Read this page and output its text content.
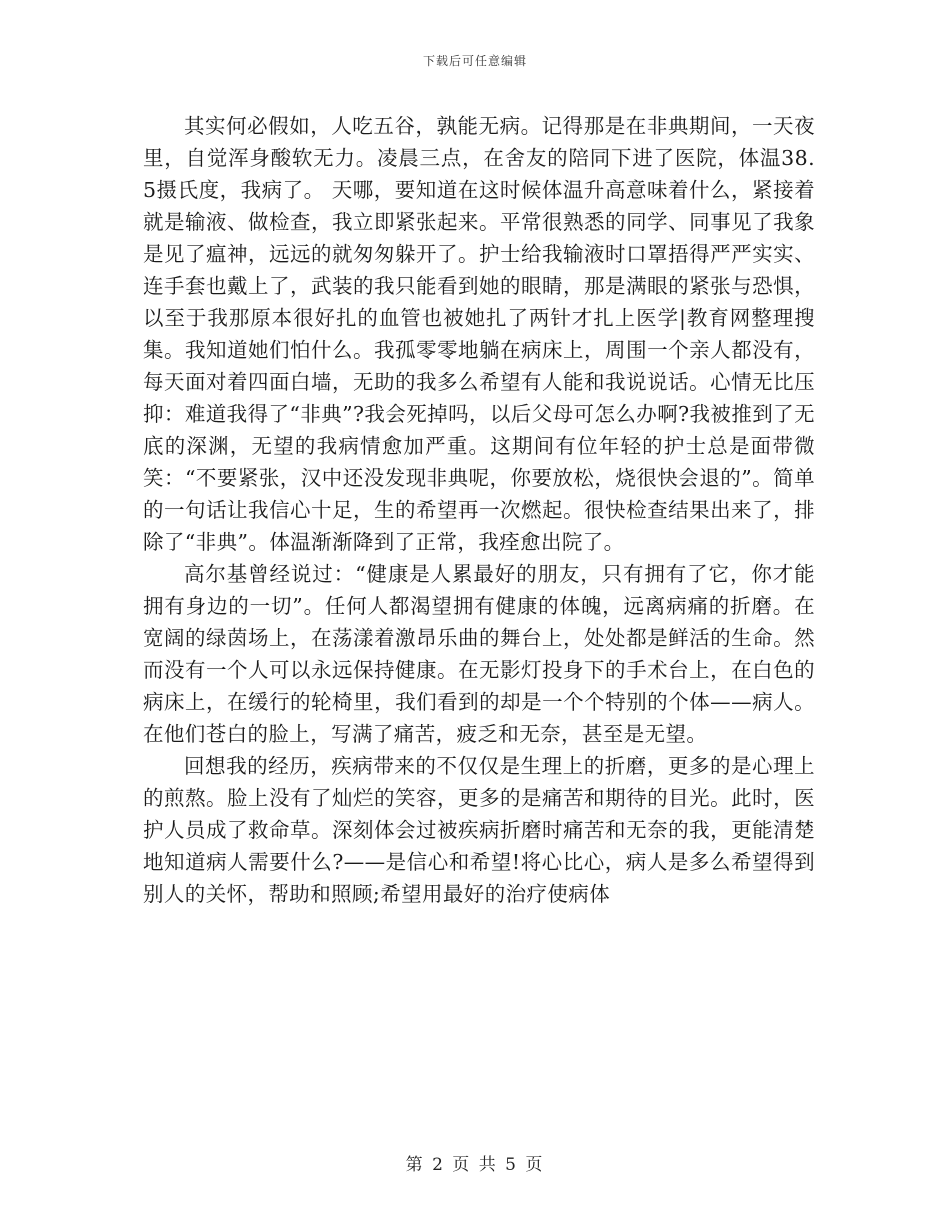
下载后可任意编辑

其实何必假如，人吃五谷，孰能无病。记得那是在非典期间，一天夜里，自觉浑身酸软无力。凌晨三点，在舍友的陪同下进了医院，体温38.5摄氏度，我病了。 天哪，要知道在这时候体温升高意味着什么，紧接着就是输液、做检查，我立即紧张起来。平常很熟悉的同学、同事见了我象是见了瘟神，远远的就匆匆躲开了。护士给我输液时口罩捂得严严实实、连手套也戴上了，武装的我只能看到她的眼睛，那是满眼的紧张与恐惧，以至于我那原本很好扎的血管也被她扎了两针才扎上医学|教育网整理搜集。我知道她们怕什么。我孤零零地躺在病床上，周围一个亲人都没有，每天面对着四面白墙，无助的我多么希望有人能和我说说话。心情无比压抑：难道我得了“非典”?我会死掉吗，以后父母可怎么办啊?我被推到了无底的深渊，无望的我病情愈加严重。这期间有位年轻的护士总是面带微笑：“不要紧张，汉中还没发现非典呢，你要放松，烧很快会退的”。简单的一句话让我信心十足，生的希望再一次燃起。很快检查结果出来了，排除了“非典”。体温渐渐降到了正常，我痊愈出院了。

高尔基曾经说过：“健康是人累最好的朋友，只有拥有了它，你才能拥有身边的一切”。任何人都渴望拥有健康的体魄，远离病痛的折磨。在宽阔的绿茵场上，在荡漾着激昂乐曲的舞台上，处处都是鲜活的生命。然而没有一个人可以永远保持健康。在无影灯投身下的手术台上，在白色的病床上，在缓行的轮椅里，我们看到的却是一个个特别的个体——病人。在他们苍白的脸上，写满了痛苦，疲乏和无奈，甚至是无望。

回想我的经历，疾病带来的不仅仅是生理上的折磨，更多的是心理上的煎熬。脸上没有了灿烂的笑容，更多的是痛苦和期待的目光。此时，医护人员成了救命草。深刻体会过被疾病折磨时痛苦和无奈的我，更能清楚地知道病人需要什么?——是信心和希望!将心比心，病人是多么希望得到别人的关怀，帮助和照顾;希望用最好的治疗使病体

第 2 页 共 5 页
